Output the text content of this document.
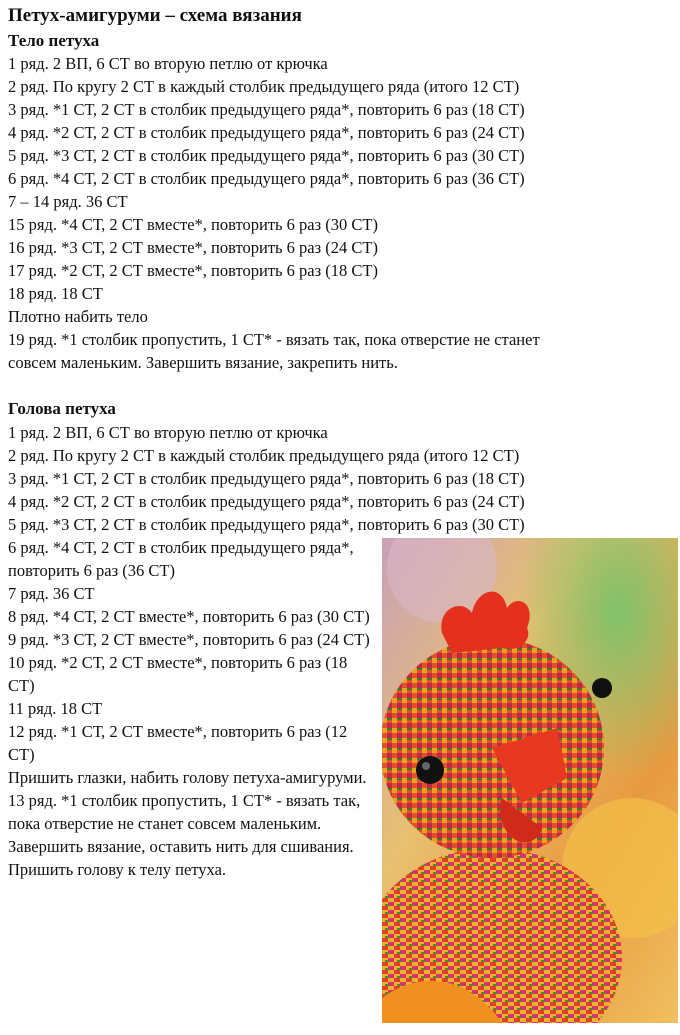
Петух-амигуруми – схема вязания
Тело петуха
1 ряд. 2 ВП, 6 СТ во вторую петлю от крючка
2 ряд. По кругу 2 СТ в каждый столбик предыдущего ряда (итого 12 СТ)
3 ряд. *1 СТ, 2 СТ в столбик предыдущего ряда*, повторить 6 раз (18 СТ)
4 ряд. *2 СТ, 2 СТ в столбик предыдущего ряда*, повторить 6 раз (24 СТ)
5 ряд. *3 СТ, 2 СТ в столбик предыдущего ряда*, повторить 6 раз (30 СТ)
6 ряд. *4 СТ, 2 СТ в столбик предыдущего ряда*, повторить 6 раз (36 СТ)
7 – 14 ряд. 36 СТ
15 ряд. *4 СТ, 2 СТ вместе*, повторить 6 раз (30 СТ)
16 ряд. *3 СТ, 2 СТ вместе*, повторить 6 раз (24 СТ)
17 ряд. *2 СТ, 2 СТ вместе*, повторить 6 раз (18 СТ)
18 ряд. 18 СТ
Плотно набить тело
19 ряд. *1 столбик пропустить, 1 СТ* - вязать так, пока отверстие не станет
совсем маленьким. Завершить вязание, закрепить нить.
Голова петуха
1 ряд. 2 ВП, 6 СТ во вторую петлю от крючка
2 ряд. По кругу 2 СТ в каждый столбик предыдущего ряда (итого 12 СТ)
3 ряд. *1 СТ, 2 СТ в столбик предыдущего ряда*, повторить 6 раз (18 СТ)
4 ряд. *2 СТ, 2 СТ в столбик предыдущего ряда*, повторить 6 раз (24 СТ)
5 ряд. *3 СТ, 2 СТ в столбик предыдущего ряда*, повторить 6 раз (30 СТ)
6 ряд. *4 СТ, 2 СТ в столбик предыдущего ряда*, повторить 6 раз (36 СТ)
7 ряд. 36 СТ
8 ряд. *4 СТ, 2 СТ вместе*, повторить 6 раз (30 СТ)
9 ряд. *3 СТ, 2 СТ вместе*, повторить 6 раз (24 СТ)
10 ряд. *2 СТ, 2 СТ вместе*, повторить 6 раз (18 СТ)
11 ряд. 18 СТ
12 ряд. *1 СТ, 2 СТ вместе*, повторить 6 раз (12 СТ)
Пришить глазки, набить голову петуха-амигуруми.
13 ряд. *1 столбик пропустить, 1 СТ* - вязать так, пока отверстие не станет совсем маленьким.
Завершить вязание, оставить нить для сшивания.
Пришить голову к телу петуха.
